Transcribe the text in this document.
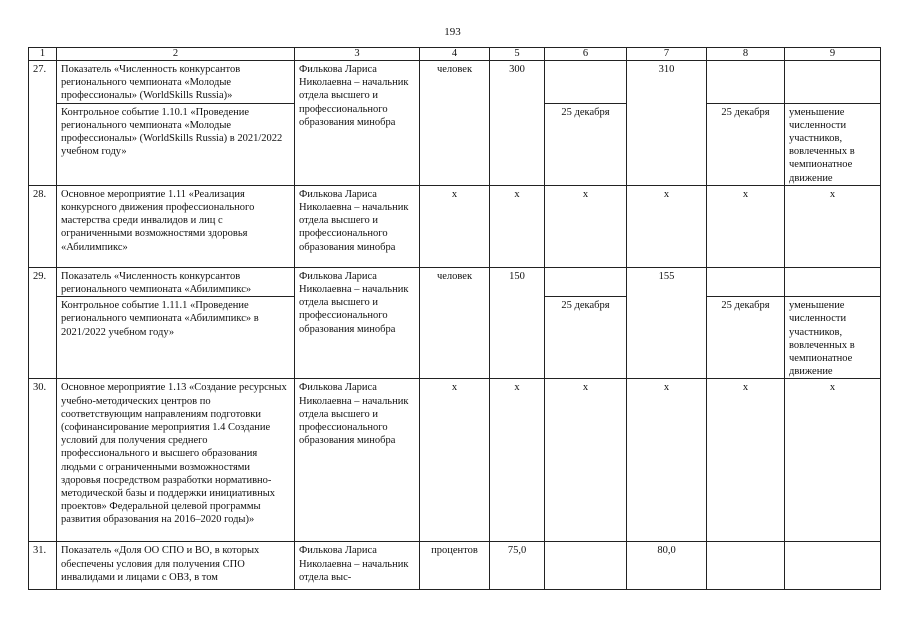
193
1	2	3	4	5	6	7	8	9
27.	Показатель «Численность конкурсантов регионального чемпионата «Молодые профессионалы» (WorldSkills Russia)»	Филькова Лариса Николаевна – начальник отдела высшего и профессионального образования минобра	человек	300		310		
	Контрольное событие 1.10.1 «Проведение регионального чемпионата «Молодые профессионалы» (WorldSkills Russia) в 2021/2022 учебном году»				25 декабря		25 декабря	уменьшение численности участников, вовлеченных в чемпионатное движение
28.	Основное мероприятие 1.11 «Реализация конкурсного движения профессионального мастерства среди инвалидов и лиц с ограниченными возможностями здоровья «Абилимпикс»	Филькова Лариса Николаевна – начальник отдела высшего и профессионального образования минобра	x	x	x	x	x	x
29.	Показатель «Численность конкурсантов регионального чемпионата «Абилимпикс»	Филькова Лариса Николаевна – начальник отдела высшего и профессионального образования минобра	человек	150		155		
	Контрольное событие 1.11.1 «Проведение регионального чемпионата «Абилимпикс» в 2021/2022 учебном году»				25 декабря		25 декабря	уменьшение численности участников, вовлеченных в чемпионатное движение
30.	Основное мероприятие 1.13 «Создание ресурсных учебно-методических центров по соответствующим направлениям подготовки (софинансирование мероприятия 1.4 Создание условий для получения среднего профессионального и высшего образования людьми с ограниченными возможностями здоровья посредством разработки нормативно-методической базы и поддержки инициативных проектов» Федеральной целевой программы развития образования на 2016–2020 годы)»	Филькова Лариса Николаевна – начальник отдела высшего и профессионального образования минобра	x	x	x	x	x	x
31.	Показатель «Доля ОО СПО и ВО, в которых обеспечены условия для получения СПО инвалидами и лицами с ОВЗ, в том	Филькова Лариса Николаевна – начальник отдела выс-	процентов	75,0		80,0		
